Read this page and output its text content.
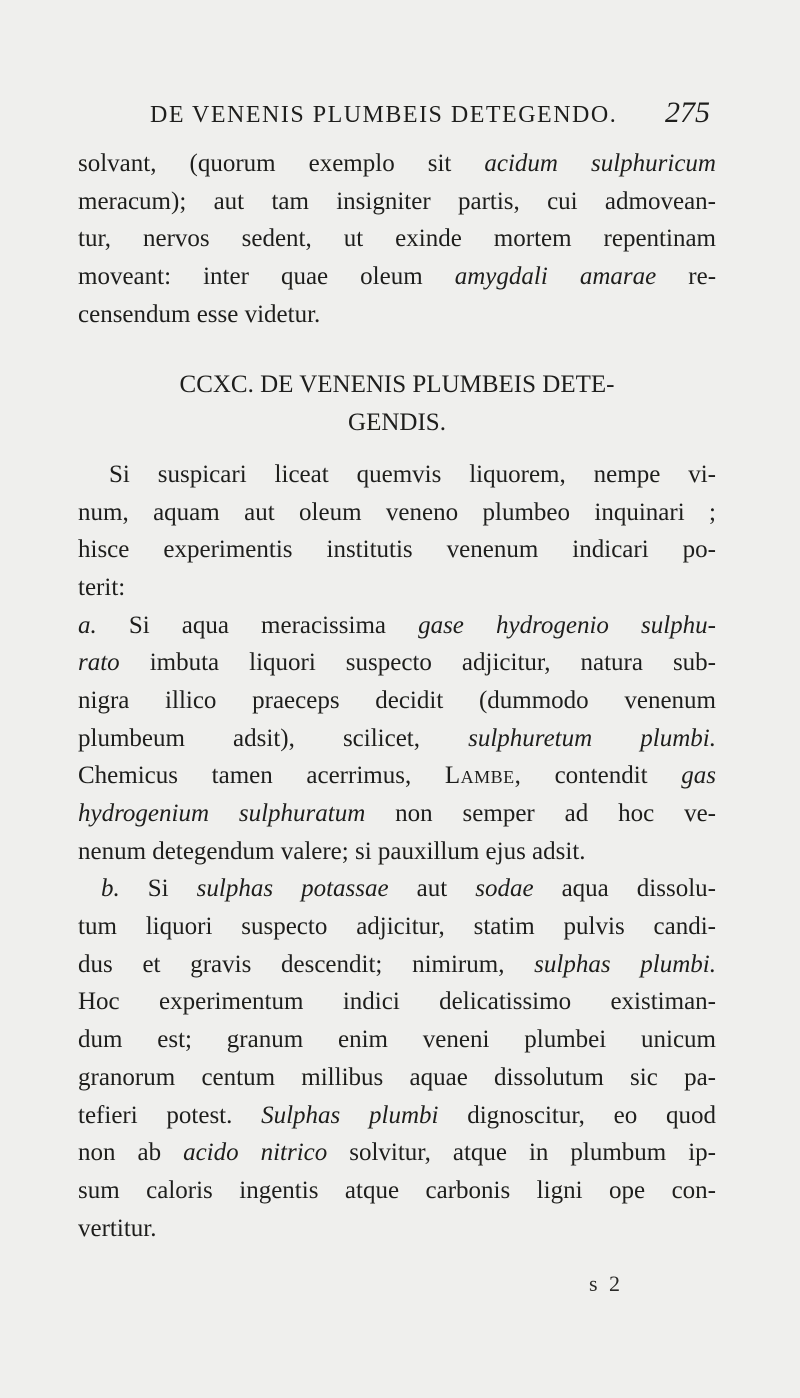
DE VENENIS PLUMBEIS DETEGENDO. 275
solvant, (quorum exemplo sit acidum sulphuricum
meracum); aut tam insigniter partis, cui admovean-
tur, nervos sedent, ut exinde mortem repentinam
moveant: inter quae oleum amygdali amarae re-
censendum esse videtur.
CCXC. DE VENENIS PLUMBEIS DETE-
GENDIS.
Si suspicari liceat quemvis liquorem, nempe vi-
num, aquam aut oleum veneno plumbeo inquinari ;
hisce experimentis institutis venenum indicari po-
terit:
a. Si aqua meracissima gase hydrogenio sulphu-
rato imbuta liquori suspecto adjicitur, natura sub-
nigra illico praeceps decidit (dummodo venenum
plumbeum adsit), scilicet, sulphuretum plumbi.
Chemicus tamen acerrimus, Lambe, contendit gas
hydrogenium sulphuratum non semper ad hoc ve-
nenum detegendum valere; si pauxillum ejus adsit.
b. Si sulphas potassae aut sodae aqua dissolu-
tum liquori suspecto adjicitur, statim pulvis candi-
dus et gravis descendit; nimirum, sulphas plumbi.
Hoc experimentum indici delicatissimo existiman-
dum est; granum enim veneni plumbei unicum
granorum centum millibus aquae dissolutum sic pa-
tefieri potest. Sulphas plumbi dignoscitur, eo quod
non ab acido nitrico solvitur, atque in plumbum ip-
sum caloris ingentis atque carbonis ligni ope con-
vertitur.
s 2
